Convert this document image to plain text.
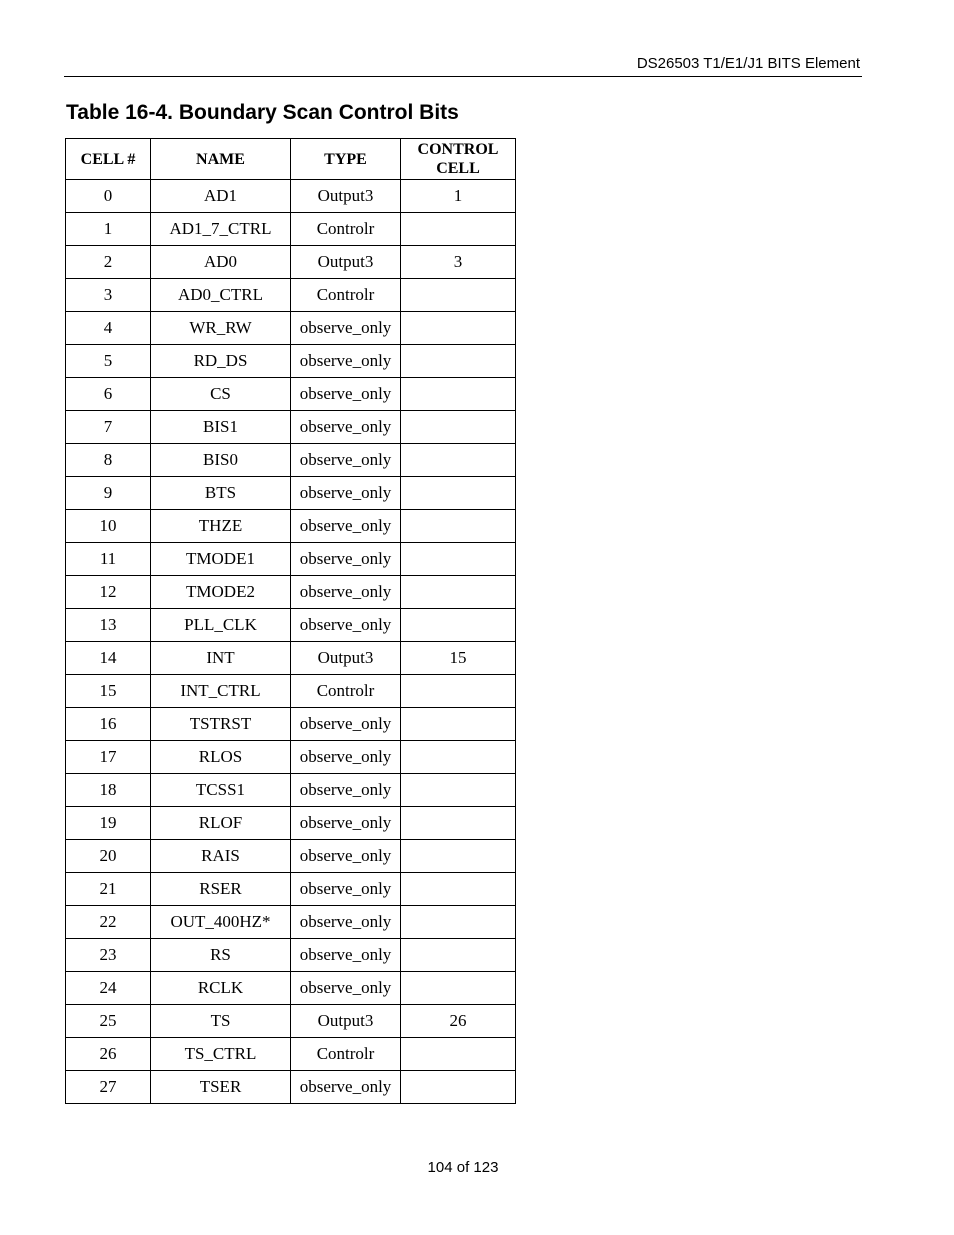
DS26503 T1/E1/J1 BITS Element
Table 16-4. Boundary Scan Control Bits
CELL #	NAME	TYPE	CONTROL CELL
0	AD1	Output3	1
1	AD1_7_CTRL	Controlr	
2	AD0	Output3	3
3	AD0_CTRL	Controlr	
4	WR_RW	observe_only	
5	RD_DS	observe_only	
6	CS	observe_only	
7	BIS1	observe_only	
8	BIS0	observe_only	
9	BTS	observe_only	
10	THZE	observe_only	
11	TMODE1	observe_only	
12	TMODE2	observe_only	
13	PLL_CLK	observe_only	
14	INT	Output3	15
15	INT_CTRL	Controlr	
16	TSTRST	observe_only	
17	RLOS	observe_only	
18	TCSS1	observe_only	
19	RLOF	observe_only	
20	RAIS	observe_only	
21	RSER	observe_only	
22	OUT_400HZ*	observe_only	
23	RS	observe_only	
24	RCLK	observe_only	
25	TS	Output3	26
26	TS_CTRL	Controlr	
27	TSER	observe_only	
104 of 123
